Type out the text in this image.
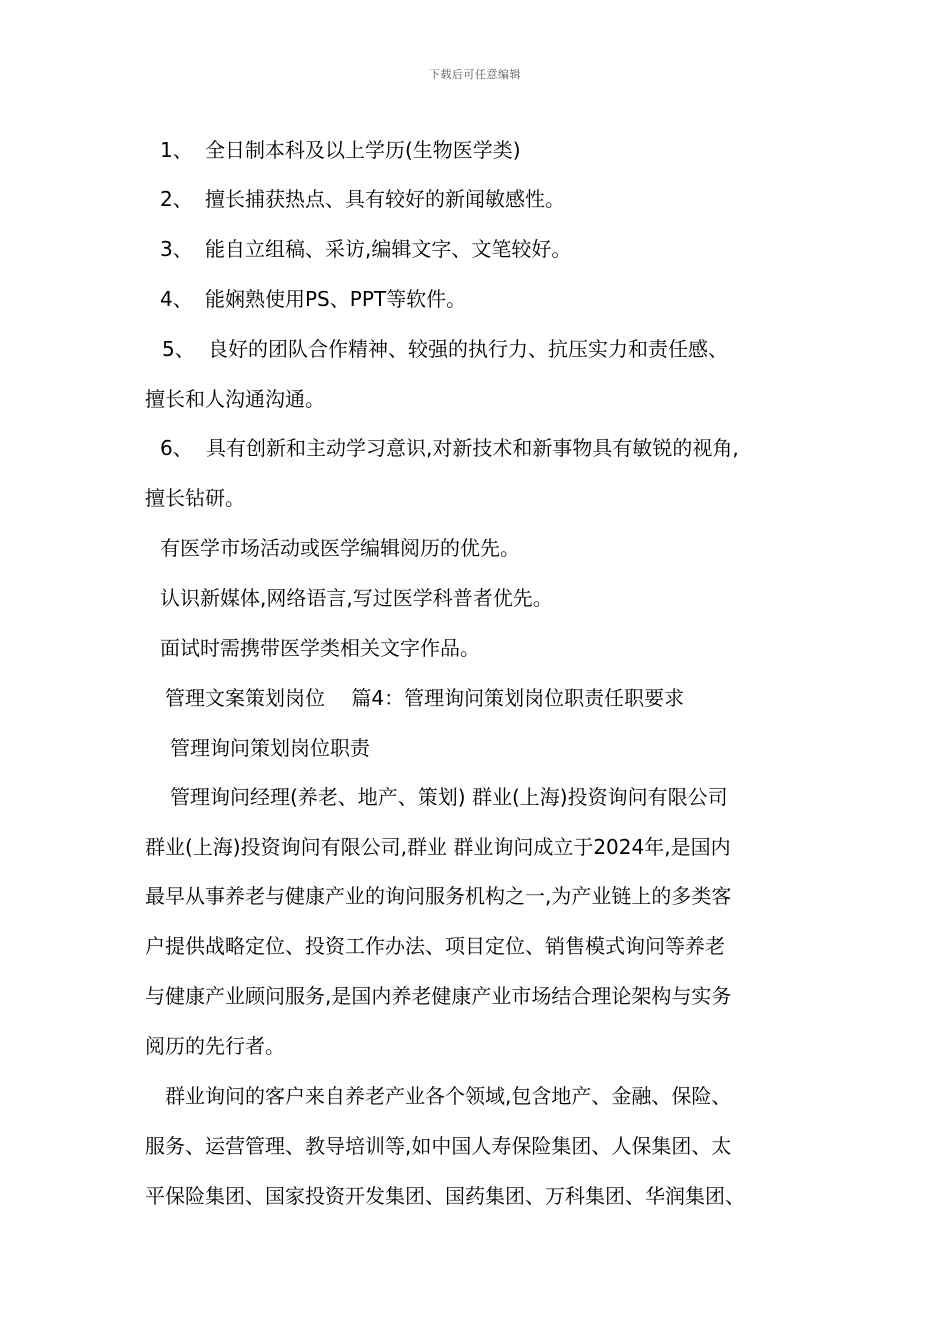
下载后可任意编辑
1、 全日制本科及以上学历(生物医学类)
2、 擅长捕获热点、具有较好的新闻敏感性。
3、 能自立组稿、采访,编辑文字、文笔较好。
4、 能娴熟使用PS、PPT等软件。
5、 良好的团队合作精神、较强的执行力、抗压实力和责任感、
擅长和人沟通沟通。
6、 具有创新和主动学习意识,对新技术和新事物具有敏锐的视角,
擅长钻研。
有医学市场活动或医学编辑阅历的优先。
认识新媒体,网络语言,写过医学科普者优先。
面试时需携带医学类相关文字作品。
管理文案策划岗位　 篇4：管理询问策划岗位职责任职要求
管理询问策划岗位职责
管理询问经理(养老、地产、策划) 群业(上海)投资询问有限公司
群业(上海)投资询问有限公司,群业 群业询问成立于2024年,是国内
最早从事养老与健康产业的询问服务机构之一,为产业链上的多类客
户提供战略定位、投资工作办法、项目定位、销售模式询问等养老
与健康产业顾问服务,是国内养老健康产业市场结合理论架构与实务
阅历的先行者。
群业询问的客户来自养老产业各个领域,包含地产、金融、保险、
服务、运营管理、教导培训等,如中国人寿保险集团、人保集团、太
平保险集团、国家投资开发集团、国药集团、万科集团、华润集团、
